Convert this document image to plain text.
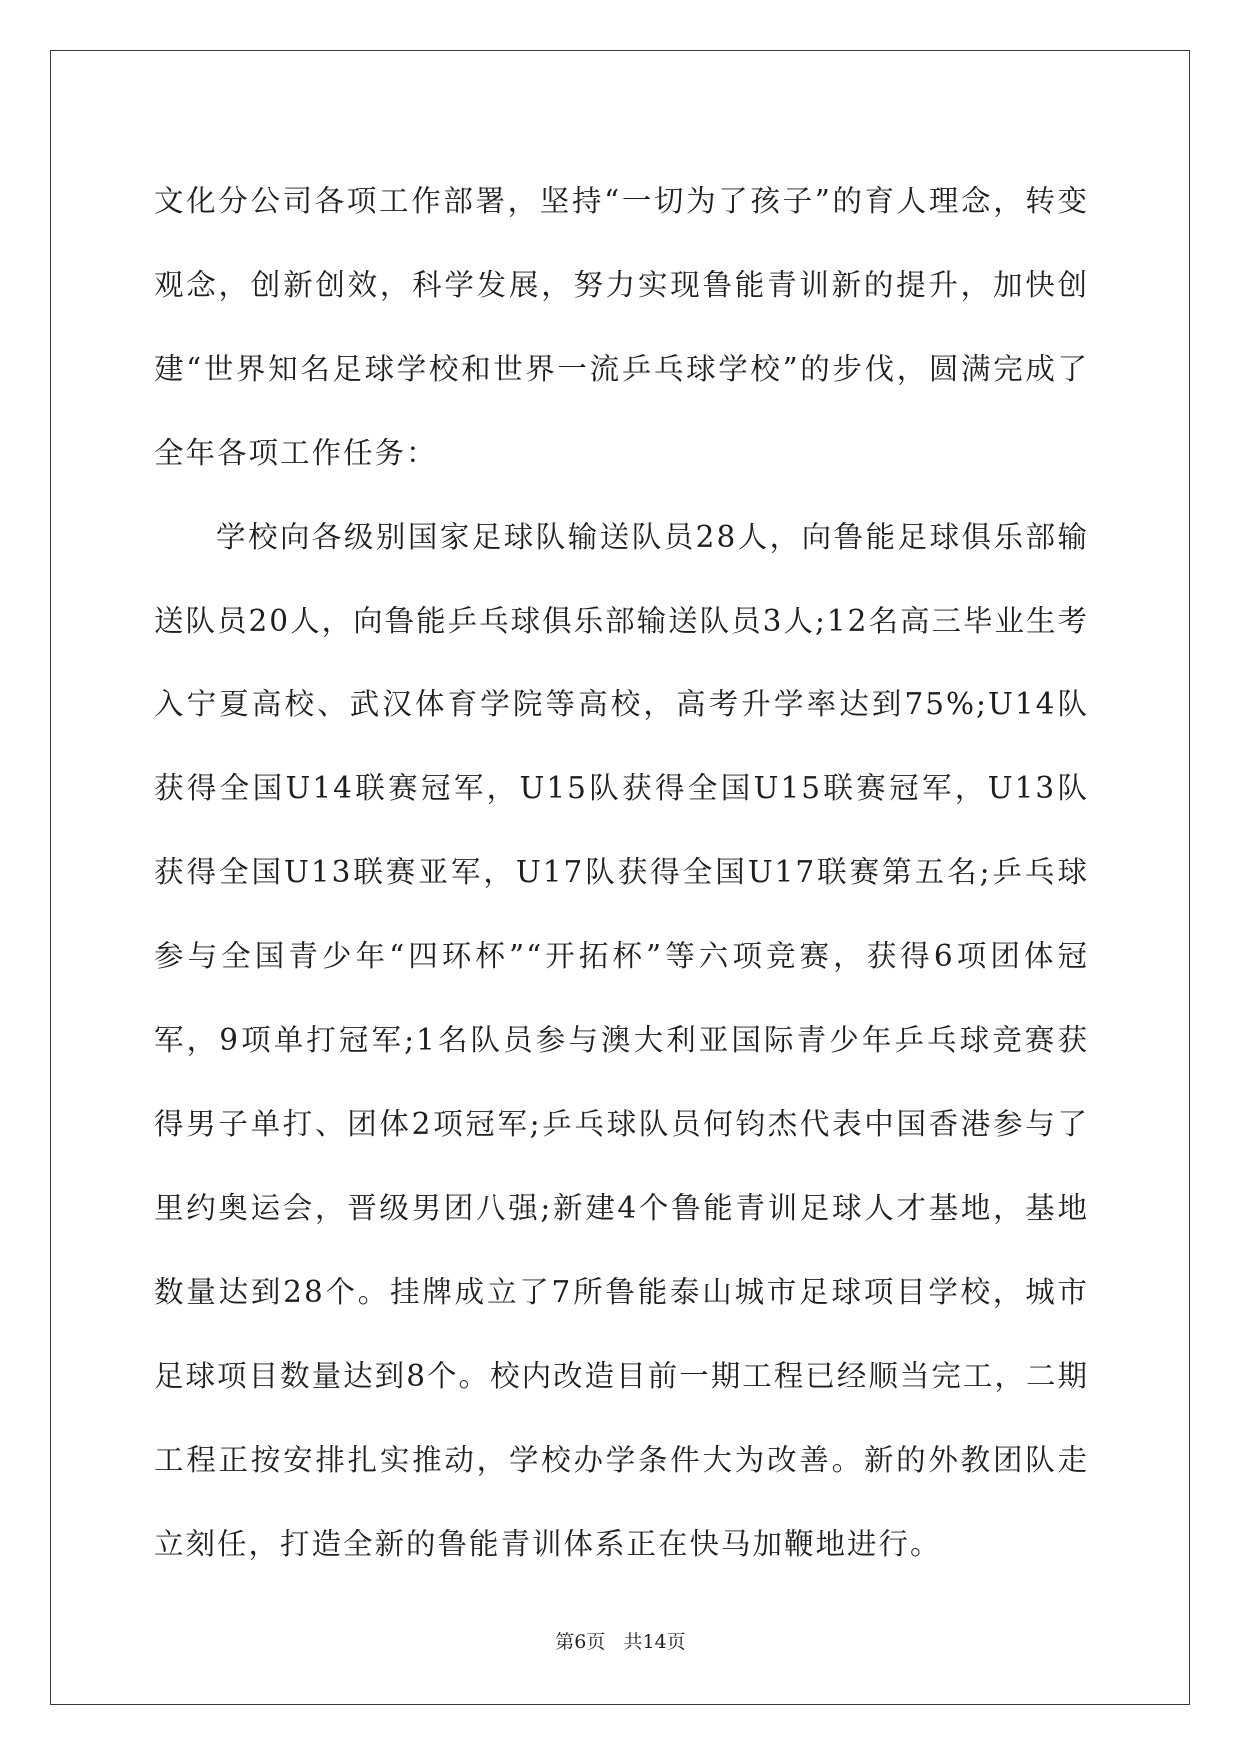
文化分公司各项工作部署，坚持“一切为了孩子”的育人理念，转变观念，创新创效，科学发展，努力实现鲁能青训新的提升，加快创建“世界知名足球学校和世界一流乒乓球学校”的步伐，圆满完成了全年各项工作任务：

学校向各级别国家足球队输送队员28人，向鲁能足球俱乐部输送队员20人，向鲁能乒乓球俱乐部输送队员3人;12名高三毕业生考入宁夏高校、武汉体育学院等高校，高考升学率达到75%;U14队获得全国U14联赛冠军，U15队获得全国U15联赛冠军，U13队获得全国U13联赛亚军，U17队获得全国U17联赛第五名;乒乓球参与全国青少年“四环杯”“开拓杯”等六项竞赛，获得6项团体冠军，9项单打冠军;1名队员参与澳大利亚国际青少年乒乓球竞赛获得男子单打、团体2项冠军;乒乓球队员何钧杰代表中国香港参与了里约奥运会，晋级男团八强;新建4个鲁能青训足球人才基地，基地数量达到28个。挂牌成立了7所鲁能泰山城市足球项目学校，城市足球项目数量达到8个。校内改造目前一期工程已经顺当完工，二期工程正按安排扎实推动，学校办学条件大为改善。新的外教团队走立刻任，打造全新的鲁能青训体系正在快马加鞭地进行。

第6页   共14页
